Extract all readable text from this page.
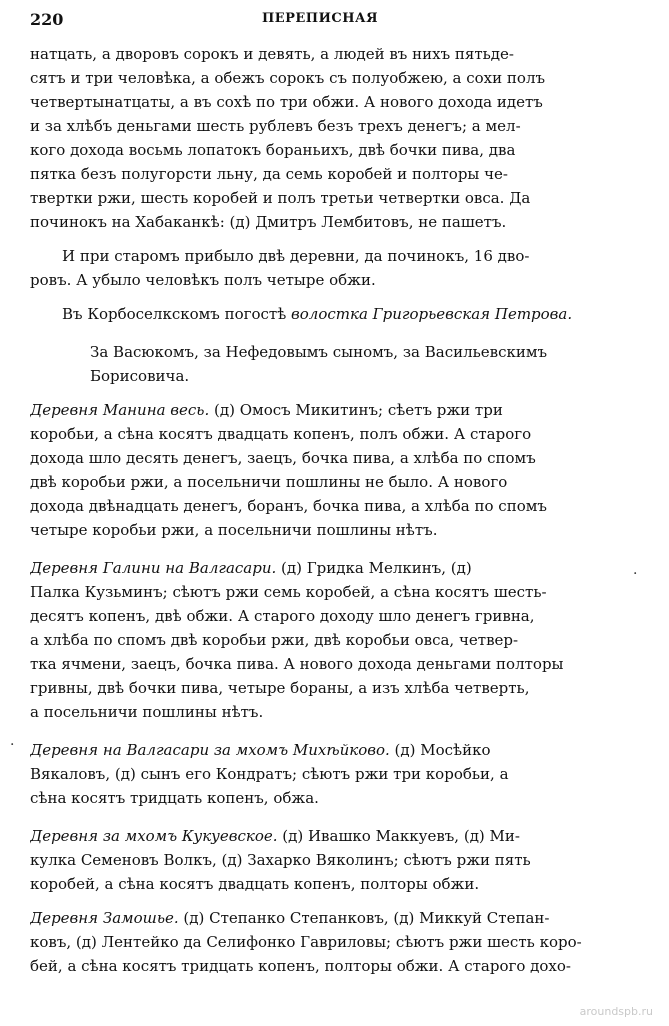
220	ПЕРЕПИСНАЯ
натцать, а дворовъ сорокъ и девять, а людей въ нихъ пятьде-
сятъ и три человѣка, а обежъ сорокъ съ полуобжею, а сохи полъ
четвертынатцаты, а въ сохѣ по три обжи. А нового дохода идетъ
и за хлѣбъ деньгами шесть рублевъ безъ трехъ денегъ; а мел-
кого дохода восьмь лопатокъ бораньихъ, двѣ бочки пива, два
пятка безъ полугорсти льну, да семь коробей и полторы че-
твертки ржи, шесть коробей и полъ третьи четвертки овса. Да
починокъ на Хабаканкѣ: (д) Дмитръ Лембитовъ, не пашетъ.
И при старомъ прибыло двѣ деревни, да починокъ, 16 дво-
ровъ. А убыло человѣкъ полъ четыре обжи.
Въ Корбоселкскомъ погостѣ волостка Григорьевская Петрова.
За Васюкомъ, за Нефедовымъ сыномъ, за Васильевскимъ
Борисовича.
Деревня Манина весь. (д) Омосъ Микитинъ; сѣетъ ржи три
коробьи, а сѣна косятъ двадцать копенъ, полъ обжи. А старого
дохода шло десять денегъ, заецъ, бочка пива, а хлѣба по спомъ
двѣ коробьи ржи, а посельничи пошлины не было. А нового
дохода двѣнадцать денегъ, боранъ, бочка пива, а хлѣба по спомъ
четыре коробьи ржи, а посельничи пошлины нѣтъ.
Деревня Галини на Валгасари. (д) Гридка Мелкинъ, (д)
Палка Кузьминъ; сѣютъ ржи семь коробей, а сѣна косятъ шесть-
десятъ копенъ, двѣ обжи. А старого доходу шло денегъ гривна,
а хлѣба по спомъ двѣ коробьи ржи, двѣ коробьи овса, четвер-
тка ячмени, заецъ, бочка пива. А нового дохода деньгами полторы
гривны, двѣ бочки пива, четыре бораны, а изъ хлѣба четверть,
а посельничи пошлины нѣтъ.
Деревня на Валгасари за мхомъ Михѣйково. (д) Мосѣйко
Вякаловъ, (д) сынъ его Кондратъ; сѣютъ ржи три коробьи, а
сѣна косятъ тридцать копенъ, обжа.
Деревня за мхомъ Кукуевское. (д) Ивашко Маккуевъ, (д) Ми-
кулка Семеновъ Волкъ, (д) Захарко Вяколинъ; сѣютъ ржи пять
коробей, а сѣна косятъ двадцать копенъ, полторы обжи.
Деревня Замошье. (д) Степанко Степанковъ, (д) Миккуй Степан-
ковъ, (д) Лентейко да Селифонко Гавриловы; сѣютъ ржи шесть коро-
бей, а сѣна косятъ тридцать копенъ, полторы обжи. А старого дохо-
·
·
aroundspb.ru
